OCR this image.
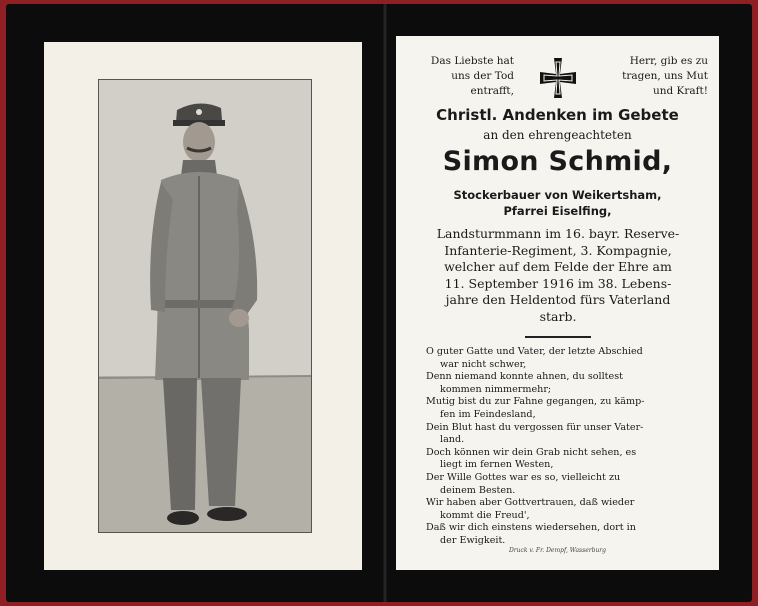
Das Liebste hat
uns der Tod
entrafft,
Herr, gib es zu
tragen, uns Mut
und Kraft!
Christl. Andenken im Gebete
an den ehrengeachteten
Simon Schmid,
Stockerbauer von Weikertsham,
Pfarrei Eiselfing,
Landsturmmann im 16. bayr. Reserve-
Infanterie-Regiment, 3. Kompagnie,
welcher auf dem Felde der Ehre am
11. September 1916 im 38. Lebens-
jahre den Heldentod fürs Vaterland
starb.
O guter Gatte und Vater, der letzte Abschied
war nicht schwer,
Denn niemand konnte ahnen, du solltest
kommen nimmermehr;
Mutig bist du zur Fahne gegangen, zu kämp-
fen im Feindesland,
Dein Blut hast du vergossen für unser Vater-
land.
Doch können wir dein Grab nicht sehen, es
liegt im fernen Westen,
Der Wille Gottes war es so, vielleicht zu
deinem Besten.
Wir haben aber Gottvertrauen, daß wieder
kommt die Freud',
Daß wir dich einstens wiedersehen, dort in
der Ewigkeit.
Druck v. Fr. Dempf, Wasserburg
